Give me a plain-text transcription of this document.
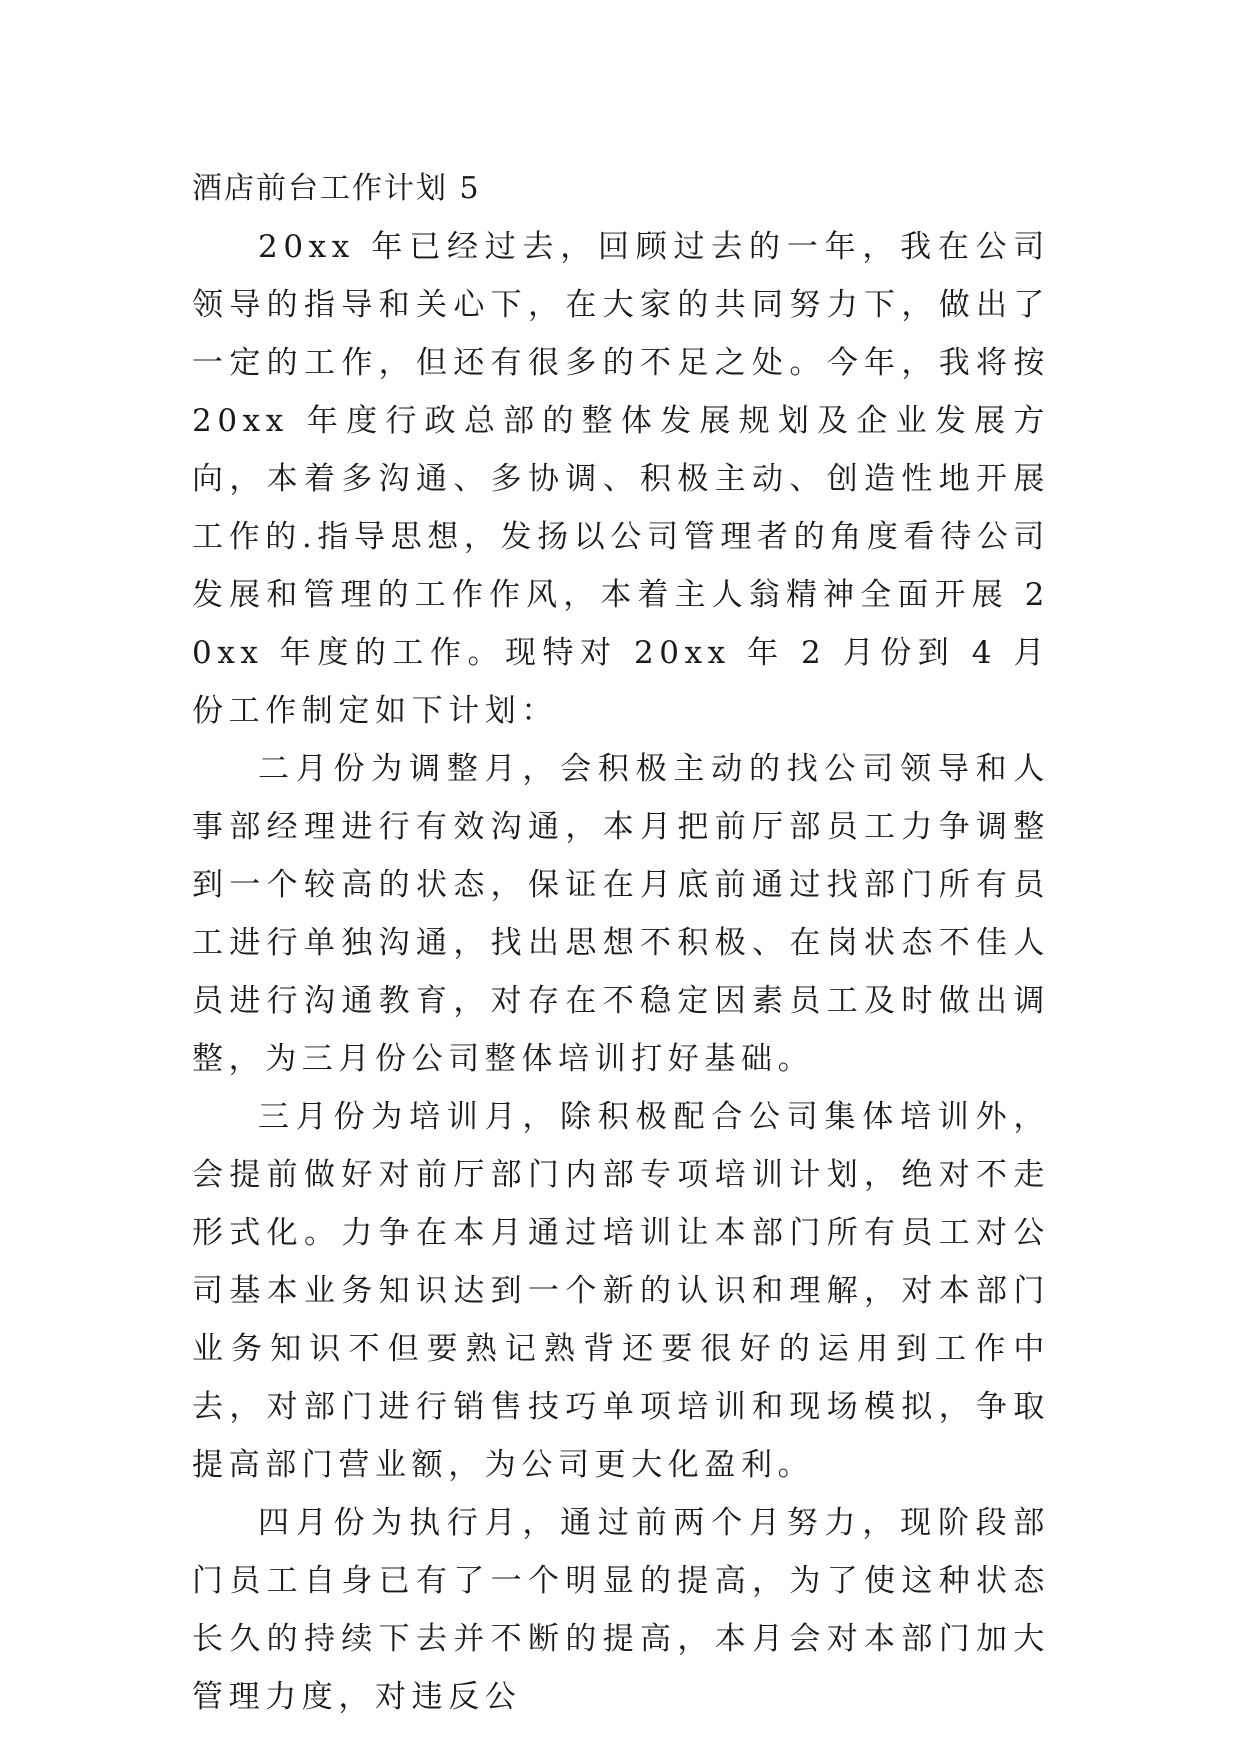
酒店前台工作计划 5

20xx 年已经过去，回顾过去的一年，我在公司领导的指导和关心下，在大家的共同努力下，做出了一定的工作，但还有很多的不足之处。今年，我将按 20xx 年度行政总部的整体发展规划及企业发展方向，本着多沟通、多协调、积极主动、创造性地开展工作的.指导思想，发扬以公司管理者的角度看待公司发展和管理的工作作风，本着主人翁精神全面开展 20xx 年度的工作。现特对 20xx 年 2 月份到 4 月份工作制定如下计划：

二月份为调整月，会积极主动的找公司领导和人事部经理进行有效沟通，本月把前厅部员工力争调整到一个较高的状态，保证在月底前通过找部门所有员工进行单独沟通，找出思想不积极、在岗状态不佳人员进行沟通教育，对存在不稳定因素员工及时做出调整，为三月份公司整体培训打好基础。

三月份为培训月，除积极配合公司集体培训外，会提前做好对前厅部门内部专项培训计划，绝对不走形式化。力争在本月通过培训让本部门所有员工对公司基本业务知识达到一个新的认识和理解，对本部门业务知识不但要熟记熟背还要很好的运用到工作中去，对部门进行销售技巧单项培训和现场模拟，争取提高部门营业额，为公司更大化盈利。

四月份为执行月，通过前两个月努力，现阶段部门员工自身已有了一个明显的提高，为了使这种状态长久的持续下去并不断的提高，本月会对本部门加大管理力度，对违反公
